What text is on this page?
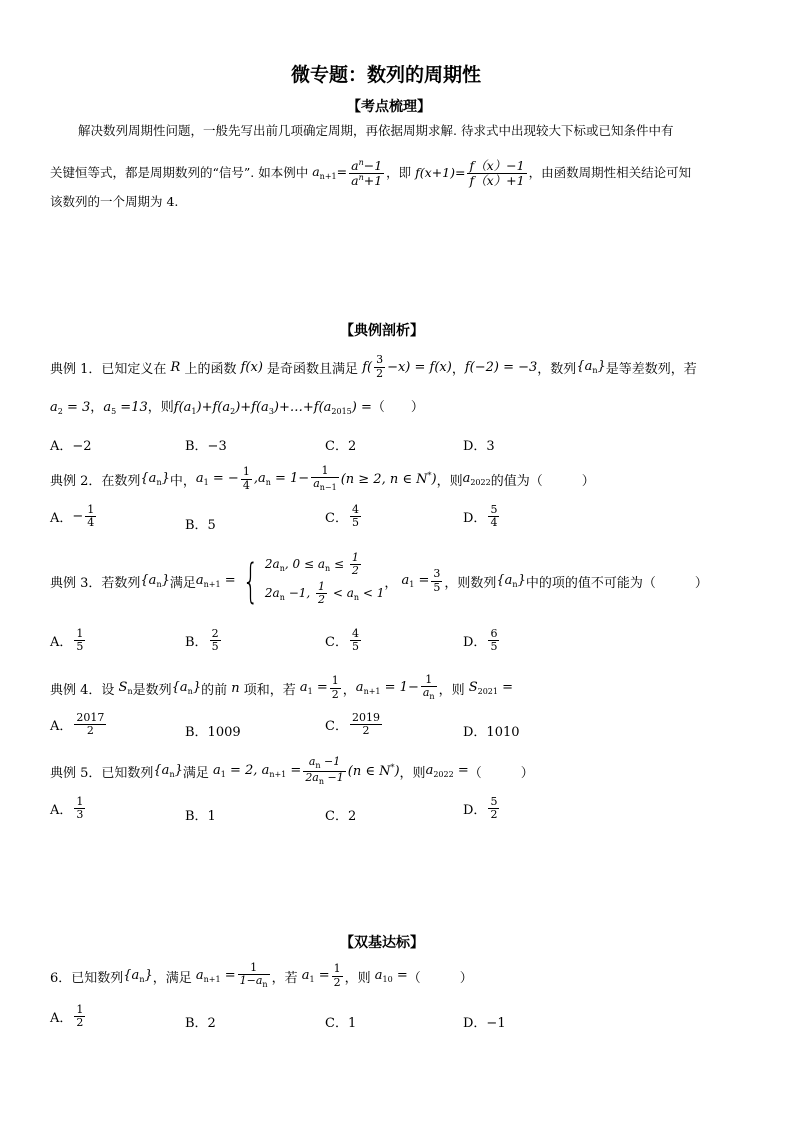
微专题：数列的周期性
【考点梳理】
解决数列周期性问题，一般先写出前几项确定周期，再依据周期求解. 待求式中出现较大下标或已知条件中有
关键恒等式，都是周期数列的“信号”. 如本例中 $a_{n+1}= \frac{a^n-1}{a^n+1}$ ，即 $f(x+1)= \frac{f(x)-1}{f(x)+1}$ ，由函数周期性相关结论可知
该数列的一个周期为 4.
【典例剖析】
典例 1．已知定义在 R 上的函数 f(x) 是奇函数且满足 $f( \frac{3}{2} -x) = f(x)$ ， f(−2) = −3 ，数列 $\{a_n\}$ 是等差数列，若
$a_2 = 3$，$a_5 =13$，则$f(a_1)+f(a_2)+f(a_3)+\dots+f(a_{2015})$ =（　　）
A．−2	B．−3	C．2	D．3
典例 2．在数列 $\{a_n\}$ 中， $a_1$ = − $\frac{1}{4} ,a_n = 1- \frac{1}{a_{n-1}} (n \ge 2$, n ∈ N*) ，则 $a_{2022}$ 的值为（　　　）
A． − $\frac{1}{4}$	B．5	C． $\frac{4}{5}$	D． $\frac{5}{4}$
典例 3．若数列 $\{a_n\}$ 满足 $a_{n+1}$ = { $2a_n$, $0 \le a_n \le \frac{1}{2}$
$2a_n -1$, $\frac{1}{2} < a_n < 1$
， $a_1 = \frac{3}{5}$ ，则数列 $\{a_n\}$ 中的项的值不可能为（　　　）
A． $\frac{1}{5}$	B． $\frac{2}{5}$	C． $\frac{4}{5}$	D． $\frac{6}{5}$
典例 4．设 $S_n$ 是数列 $\{a_n\}$ 的前 n 项和，若 $a_1 = \frac{1}{2}$ ， $a_{n+1} = 1- \frac{1}{a_n}$ ，则 $S_{2021}$ =
A． $\frac{2017}{2}$	B．1009	C． $\frac{2019}{2}$	D．1010
典例 5．已知数列 $\{a_n\}$ 满足 $a_1 = 2$, $a_{n+1} = \frac{a_n -1}{2a_n -1} (n$ ∈ N*) ，则 $a_{2022}$ = （　　　）
A． $\frac{1}{3}$	B．1	C．2	D． $\frac{5}{2}$
【双基达标】
6．已知数列 $\{a_n\}$ ，满足 $a_{n+1} = \frac{1}{1-a_n}$ ，若 $a_1 = \frac{1}{2}$ ，则 $a_{10}$ = （　　　）
A． $\frac{1}{2}$	B．2	C．1	D．−1
